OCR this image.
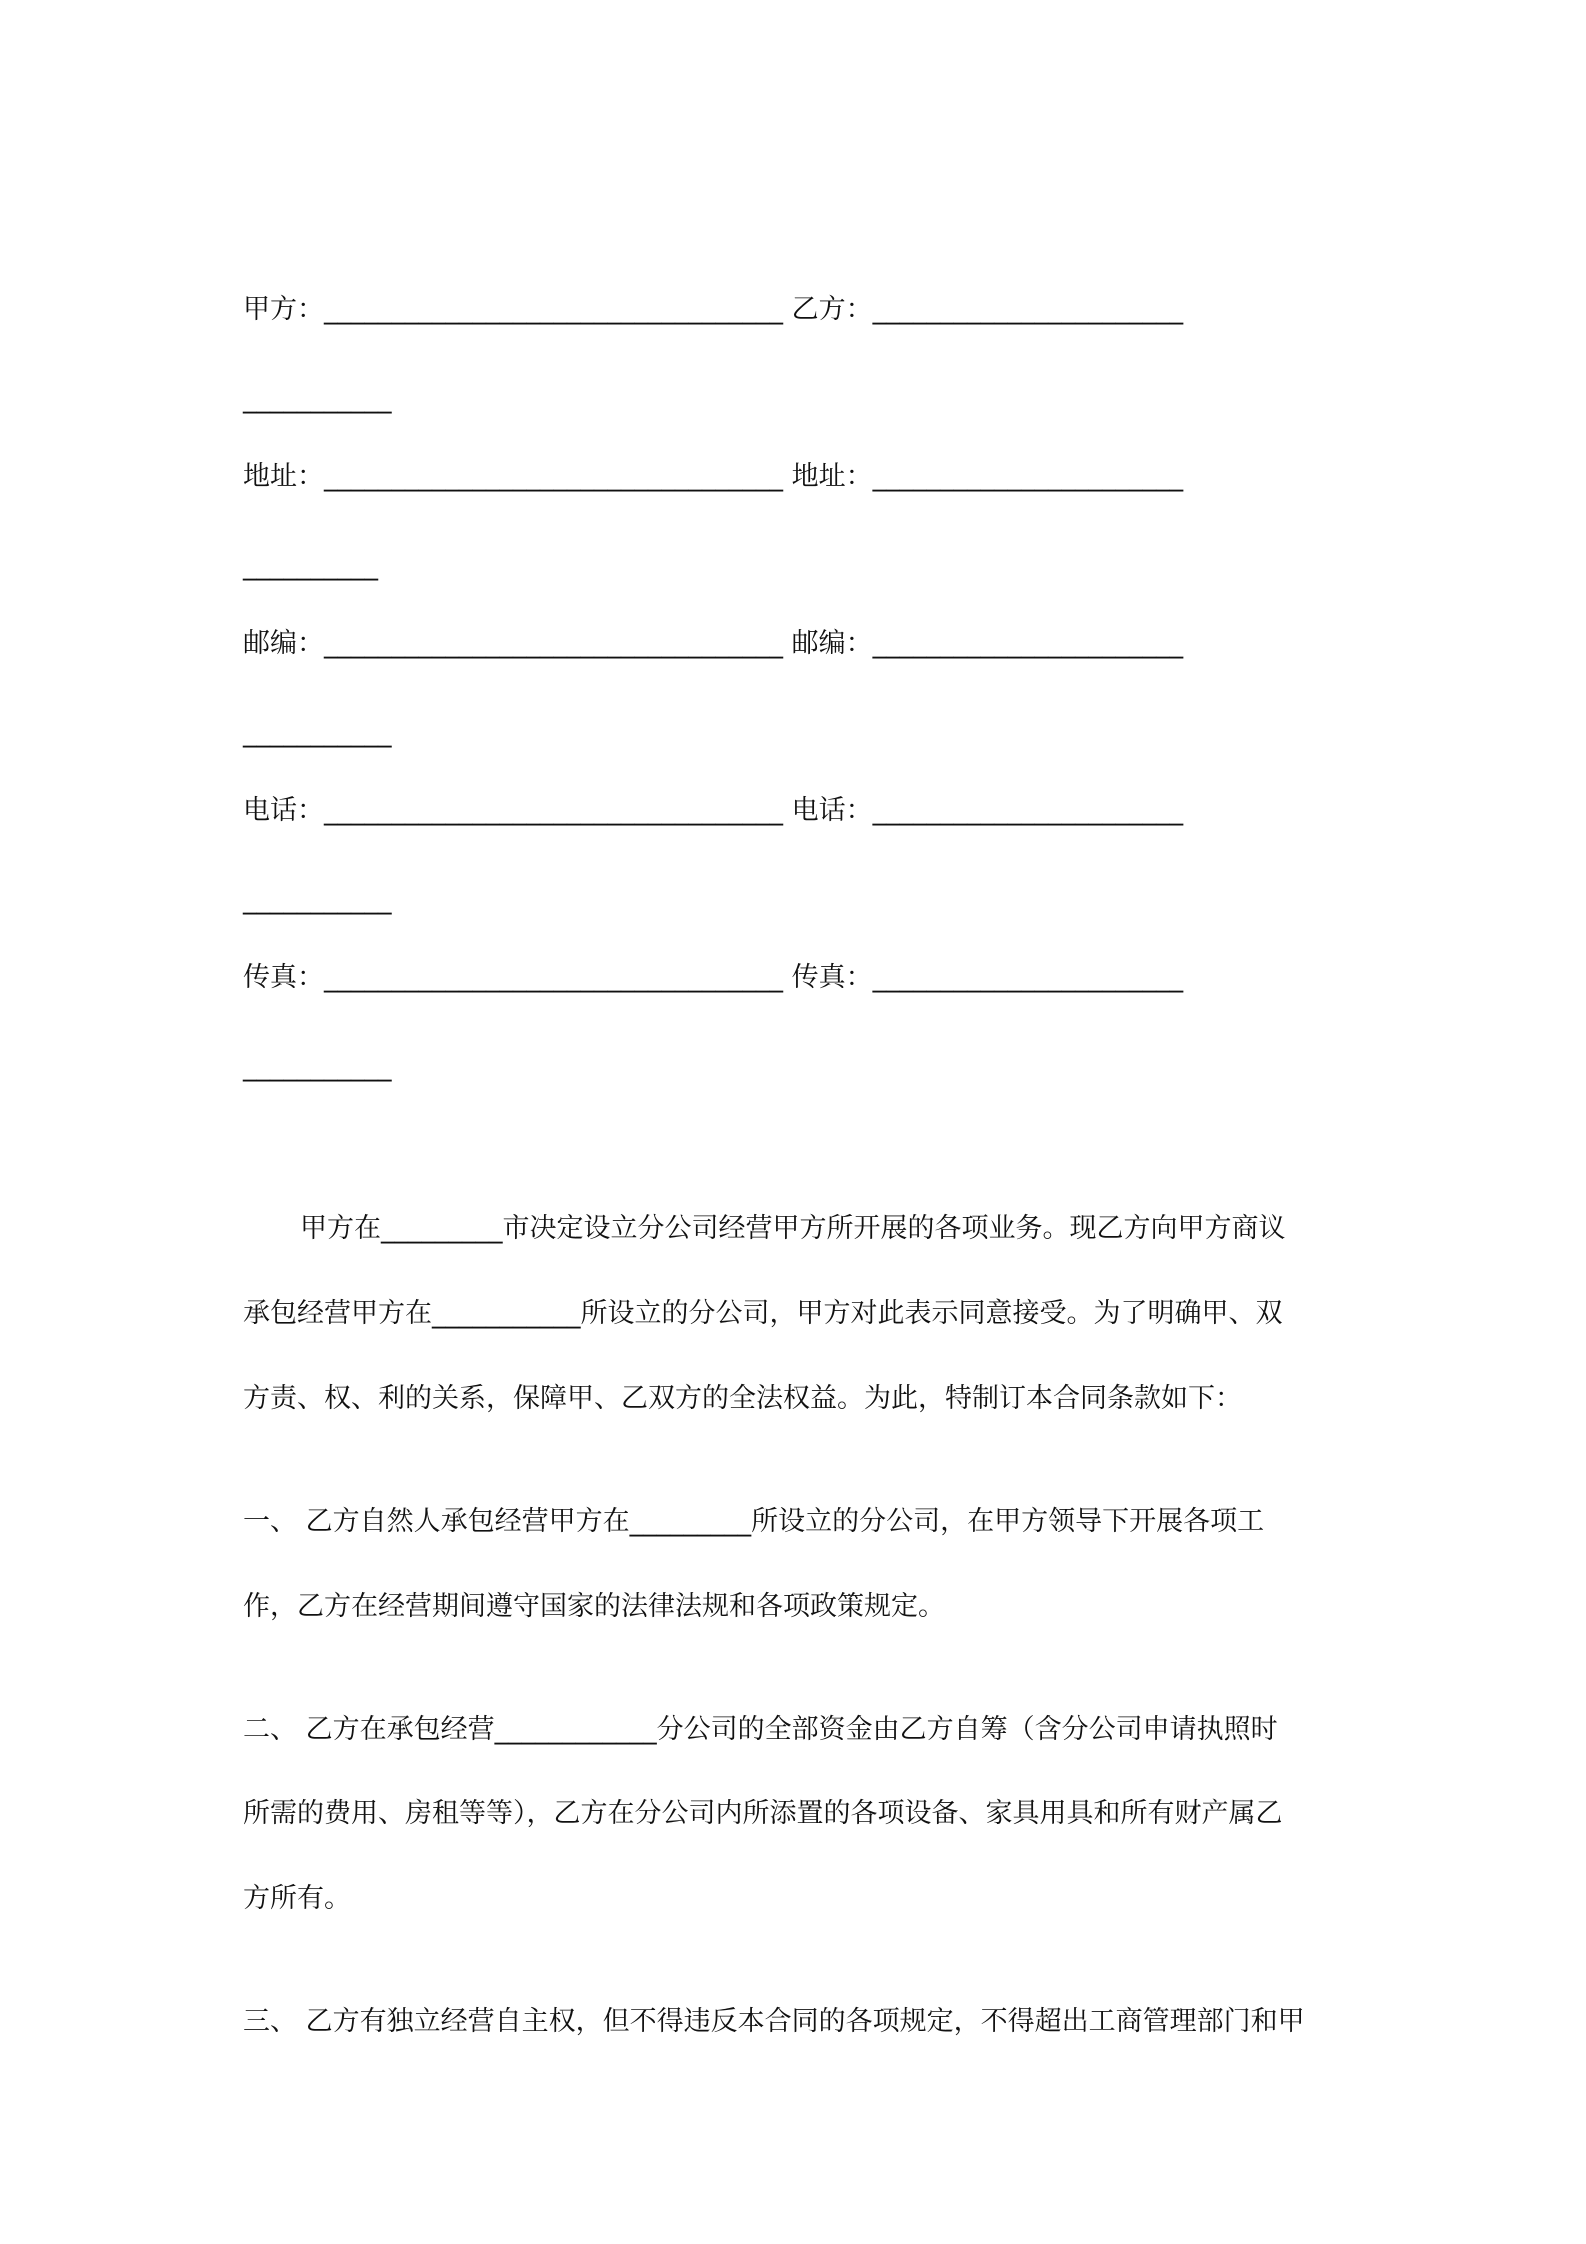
甲方：__________________________________ 乙方：_______________________
___________
地址：__________________________________ 地址：_______________________
__________
邮编：__________________________________ 邮编：_______________________
___________
电话：__________________________________ 电话：_______________________
___________
传真：__________________________________ 传真：_______________________
___________
甲方在_________市决定设立分公司经营甲方所开展的各项业务。现乙方向甲方商议
承包经营甲方在___________所设立的分公司，甲方对此表示同意接受。为了明确甲、双
方责、权、利的关系，保障甲、乙双方的全法权益。为此，特制订本合同条款如下：
一、 乙方自然人承包经营甲方在_________所设立的分公司，在甲方领导下开展各项工
作，乙方在经营期间遵守国家的法律法规和各项政策规定。
二、 乙方在承包经营____________分公司的全部资金由乙方自筹（含分公司申请执照时
所需的费用、房租等等），乙方在分公司内所添置的各项设备、家具用具和所有财产属乙
方所有。
三、 乙方有独立经营自主权，但不得违反本合同的各项规定，不得超出工商管理部门和甲
